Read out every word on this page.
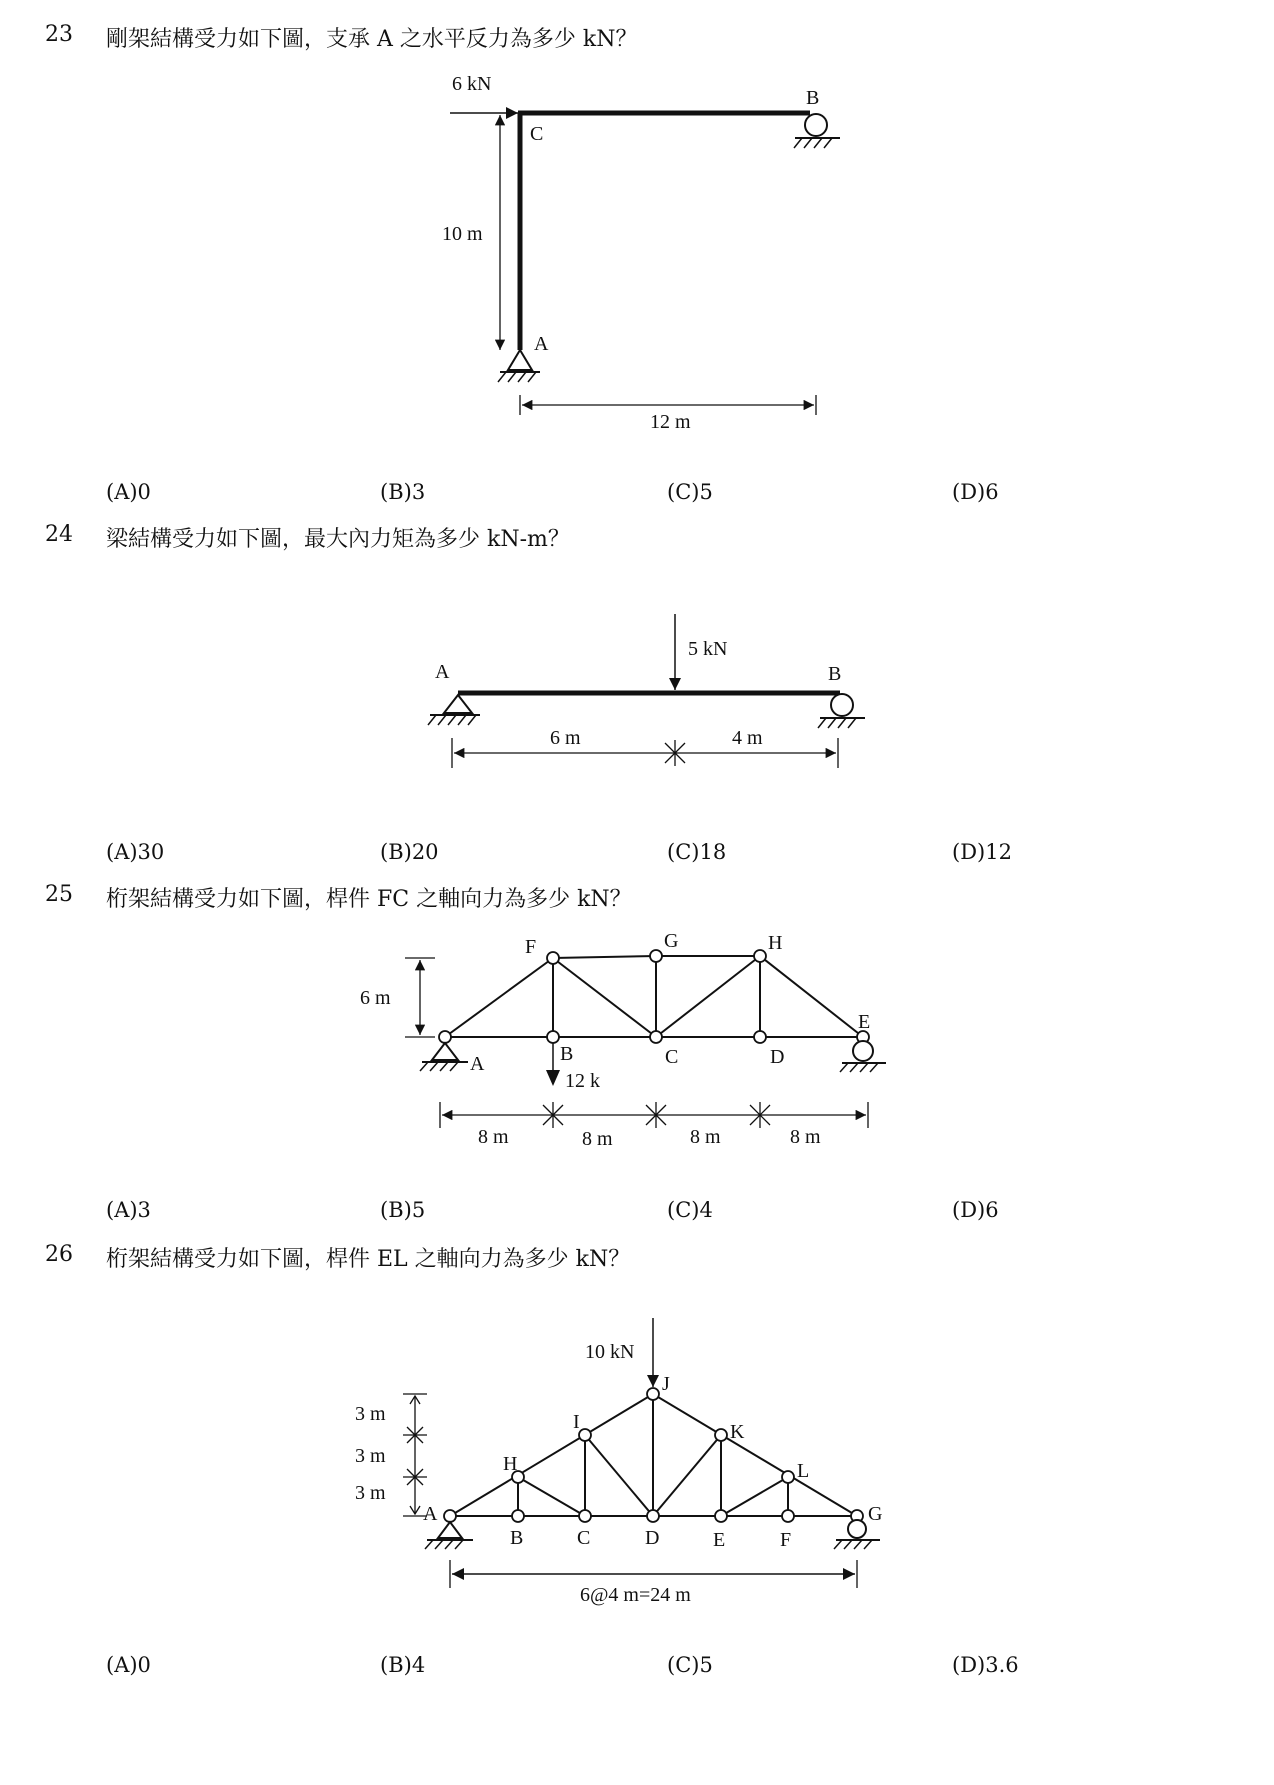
23 剛架結構受力如下圖，支承 A 之水平反力為多少 kN？
6 kN
B
C
A
10 m
12 m
(A)0	(B)3	(C)5	(D)6
24 梁結構受力如下圖，最大內力矩為多少 kN-m？
5 kN
A	B
6 m	4 m
(A)30	(B)20	(C)18	(D)12
25 桁架結構受力如下圖，桿件 FC 之軸向力為多少 kN？
A	B	C	D
E
F	G	H
12 k
6 m
8 m	8 m	8 m	8 m
(A)3	(B)5	(C)4	(D)6
26 桁架結構受力如下圖，桿件 EL 之軸向力為多少 kN？
A
B	C	D	E	F
G
H
I
J
K
L
10 kN
3 m
3 m
3 m
6@4 m=24 m
(A)0	(B)4	(C)5	(D)3.6
